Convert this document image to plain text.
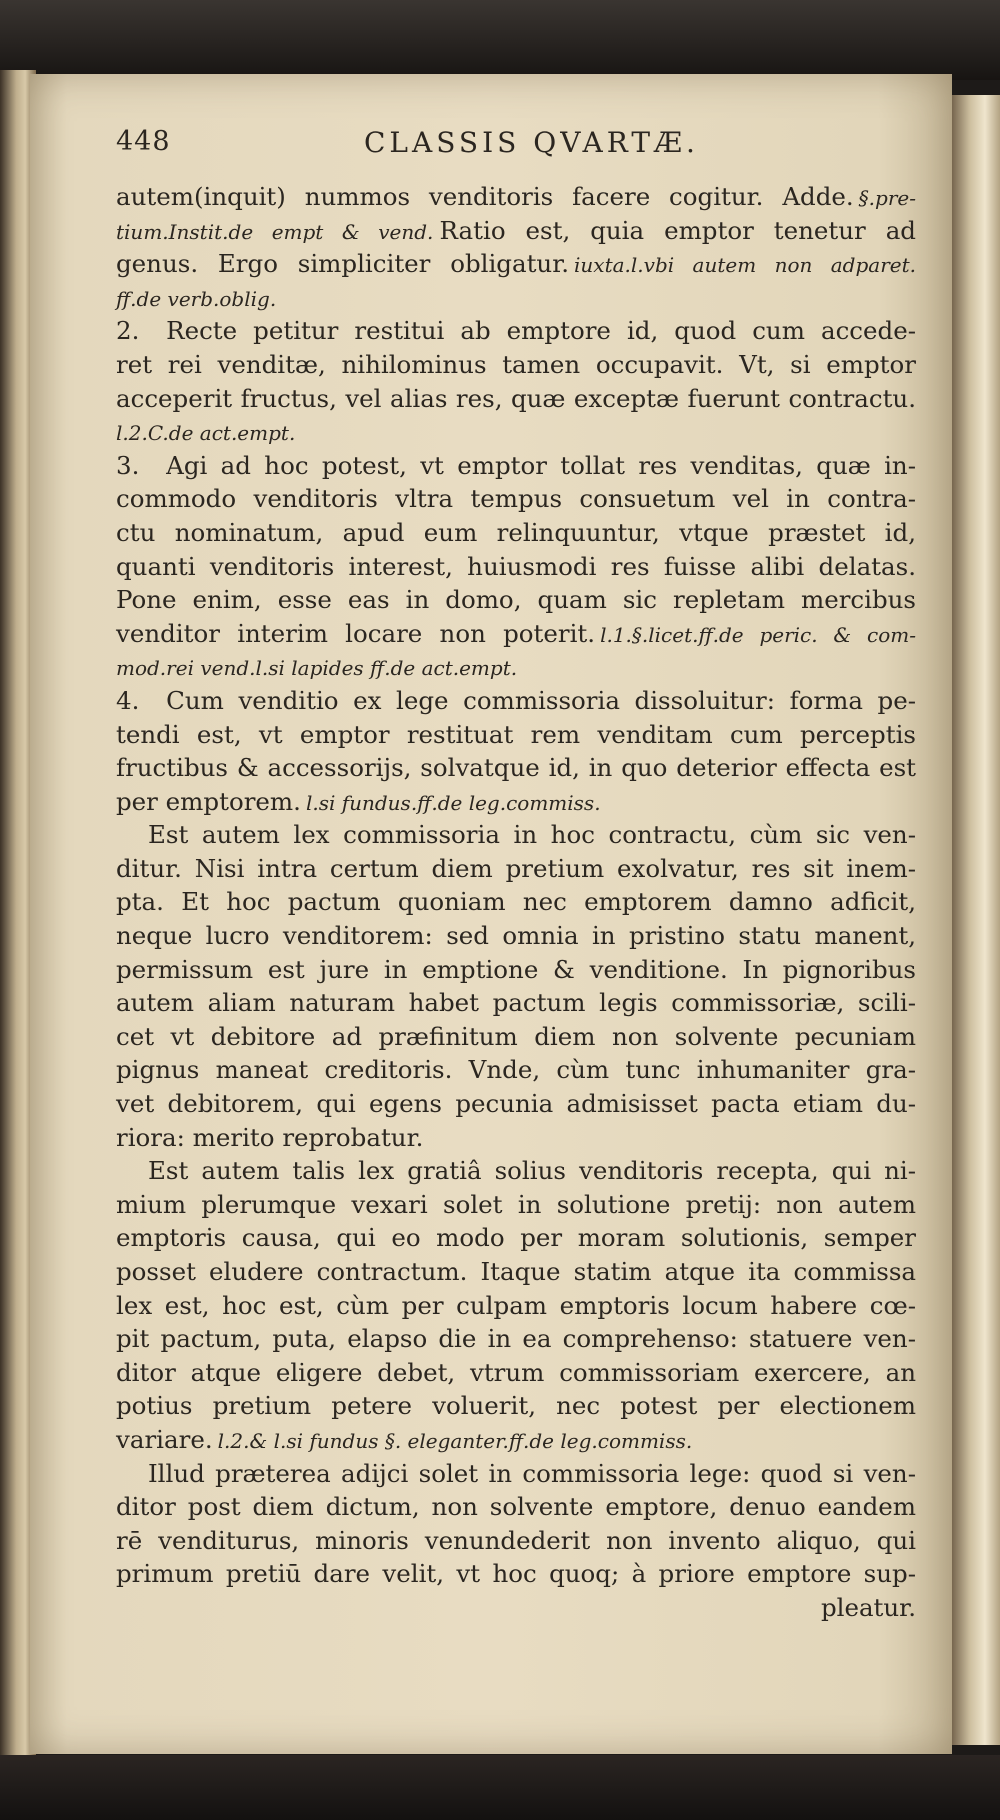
448	CLASSIS QVARTÆ.
autem(inquit) nummos venditoris facere cogitur. Adde. §.pre-
tium.Instit.de empt & vend. Ratio est, quia emptor tenetur ad
genus. Ergo simpliciter obligatur. iuxta.l.vbi autem non adparet.
ff.de verb.oblig.
2. Recte petitur restitui ab emptore id, quod cum accede-
ret rei venditæ, nihilominus tamen occupavit. Vt, si emptor
acceperit fructus, vel alias res, quæ exceptæ fuerunt contractu.
l.2.C.de act.empt.
3. Agi ad hoc potest, vt emptor tollat res venditas, quæ in-
commodo venditoris vltra tempus consuetum vel in contra-
ctu nominatum, apud eum relinquuntur, vtque præstet id,
quanti venditoris interest, huiusmodi res fuisse alibi delatas.
Pone enim, esse eas in domo, quam sic repletam mercibus
venditor interim locare non poterit. l.1.§.licet.ff.de peric. & com-
mod.rei vend.l.si lapides ff.de act.empt.
4. Cum venditio ex lege commissoria dissoluitur: forma pe-
tendi est, vt emptor restituat rem venditam cum perceptis
fructibus & accessorijs, solvatque id, in quo deterior effecta est
per emptorem. l.si fundus.ff.de leg.commiss.
Est autem lex commissoria in hoc contractu, cùm sic ven-
ditur. Nisi intra certum diem pretium exolvatur, res sit inem-
pta. Et hoc pactum quoniam nec emptorem damno adficit,
neque lucro venditorem: sed omnia in pristino statu manent,
permissum est jure in emptione & venditione. In pignoribus
autem aliam naturam habet pactum legis commissoriæ, scili-
cet vt debitore ad præfinitum diem non solvente pecuniam
pignus maneat creditoris. Vnde, cùm tunc inhumaniter gra-
vet debitorem, qui egens pecunia admisisset pacta etiam du-
riora: merito reprobatur.
Est autem talis lex gratiâ solius venditoris recepta, qui ni-
mium plerumque vexari solet in solutione pretij: non autem
emptoris causa, qui eo modo per moram solutionis, semper
posset eludere contractum. Itaque statim atque ita commissa
lex est, hoc est, cùm per culpam emptoris locum habere cœ-
pit pactum, puta, elapso die in ea comprehenso: statuere ven-
ditor atque eligere debet, vtrum commissoriam exercere, an
potius pretium petere voluerit, nec potest per electionem
variare. l.2.& l.si fundus §. eleganter.ff.de leg.commiss.
Illud præterea adijci solet in commissoria lege: quod si ven-
ditor post diem dictum, non solvente emptore, denuo eandem
rē venditurus, minoris venundederit non invento aliquo, qui
primum pretiū dare velit, vt hoc quoq; à priore emptore sup-
pleatur.
